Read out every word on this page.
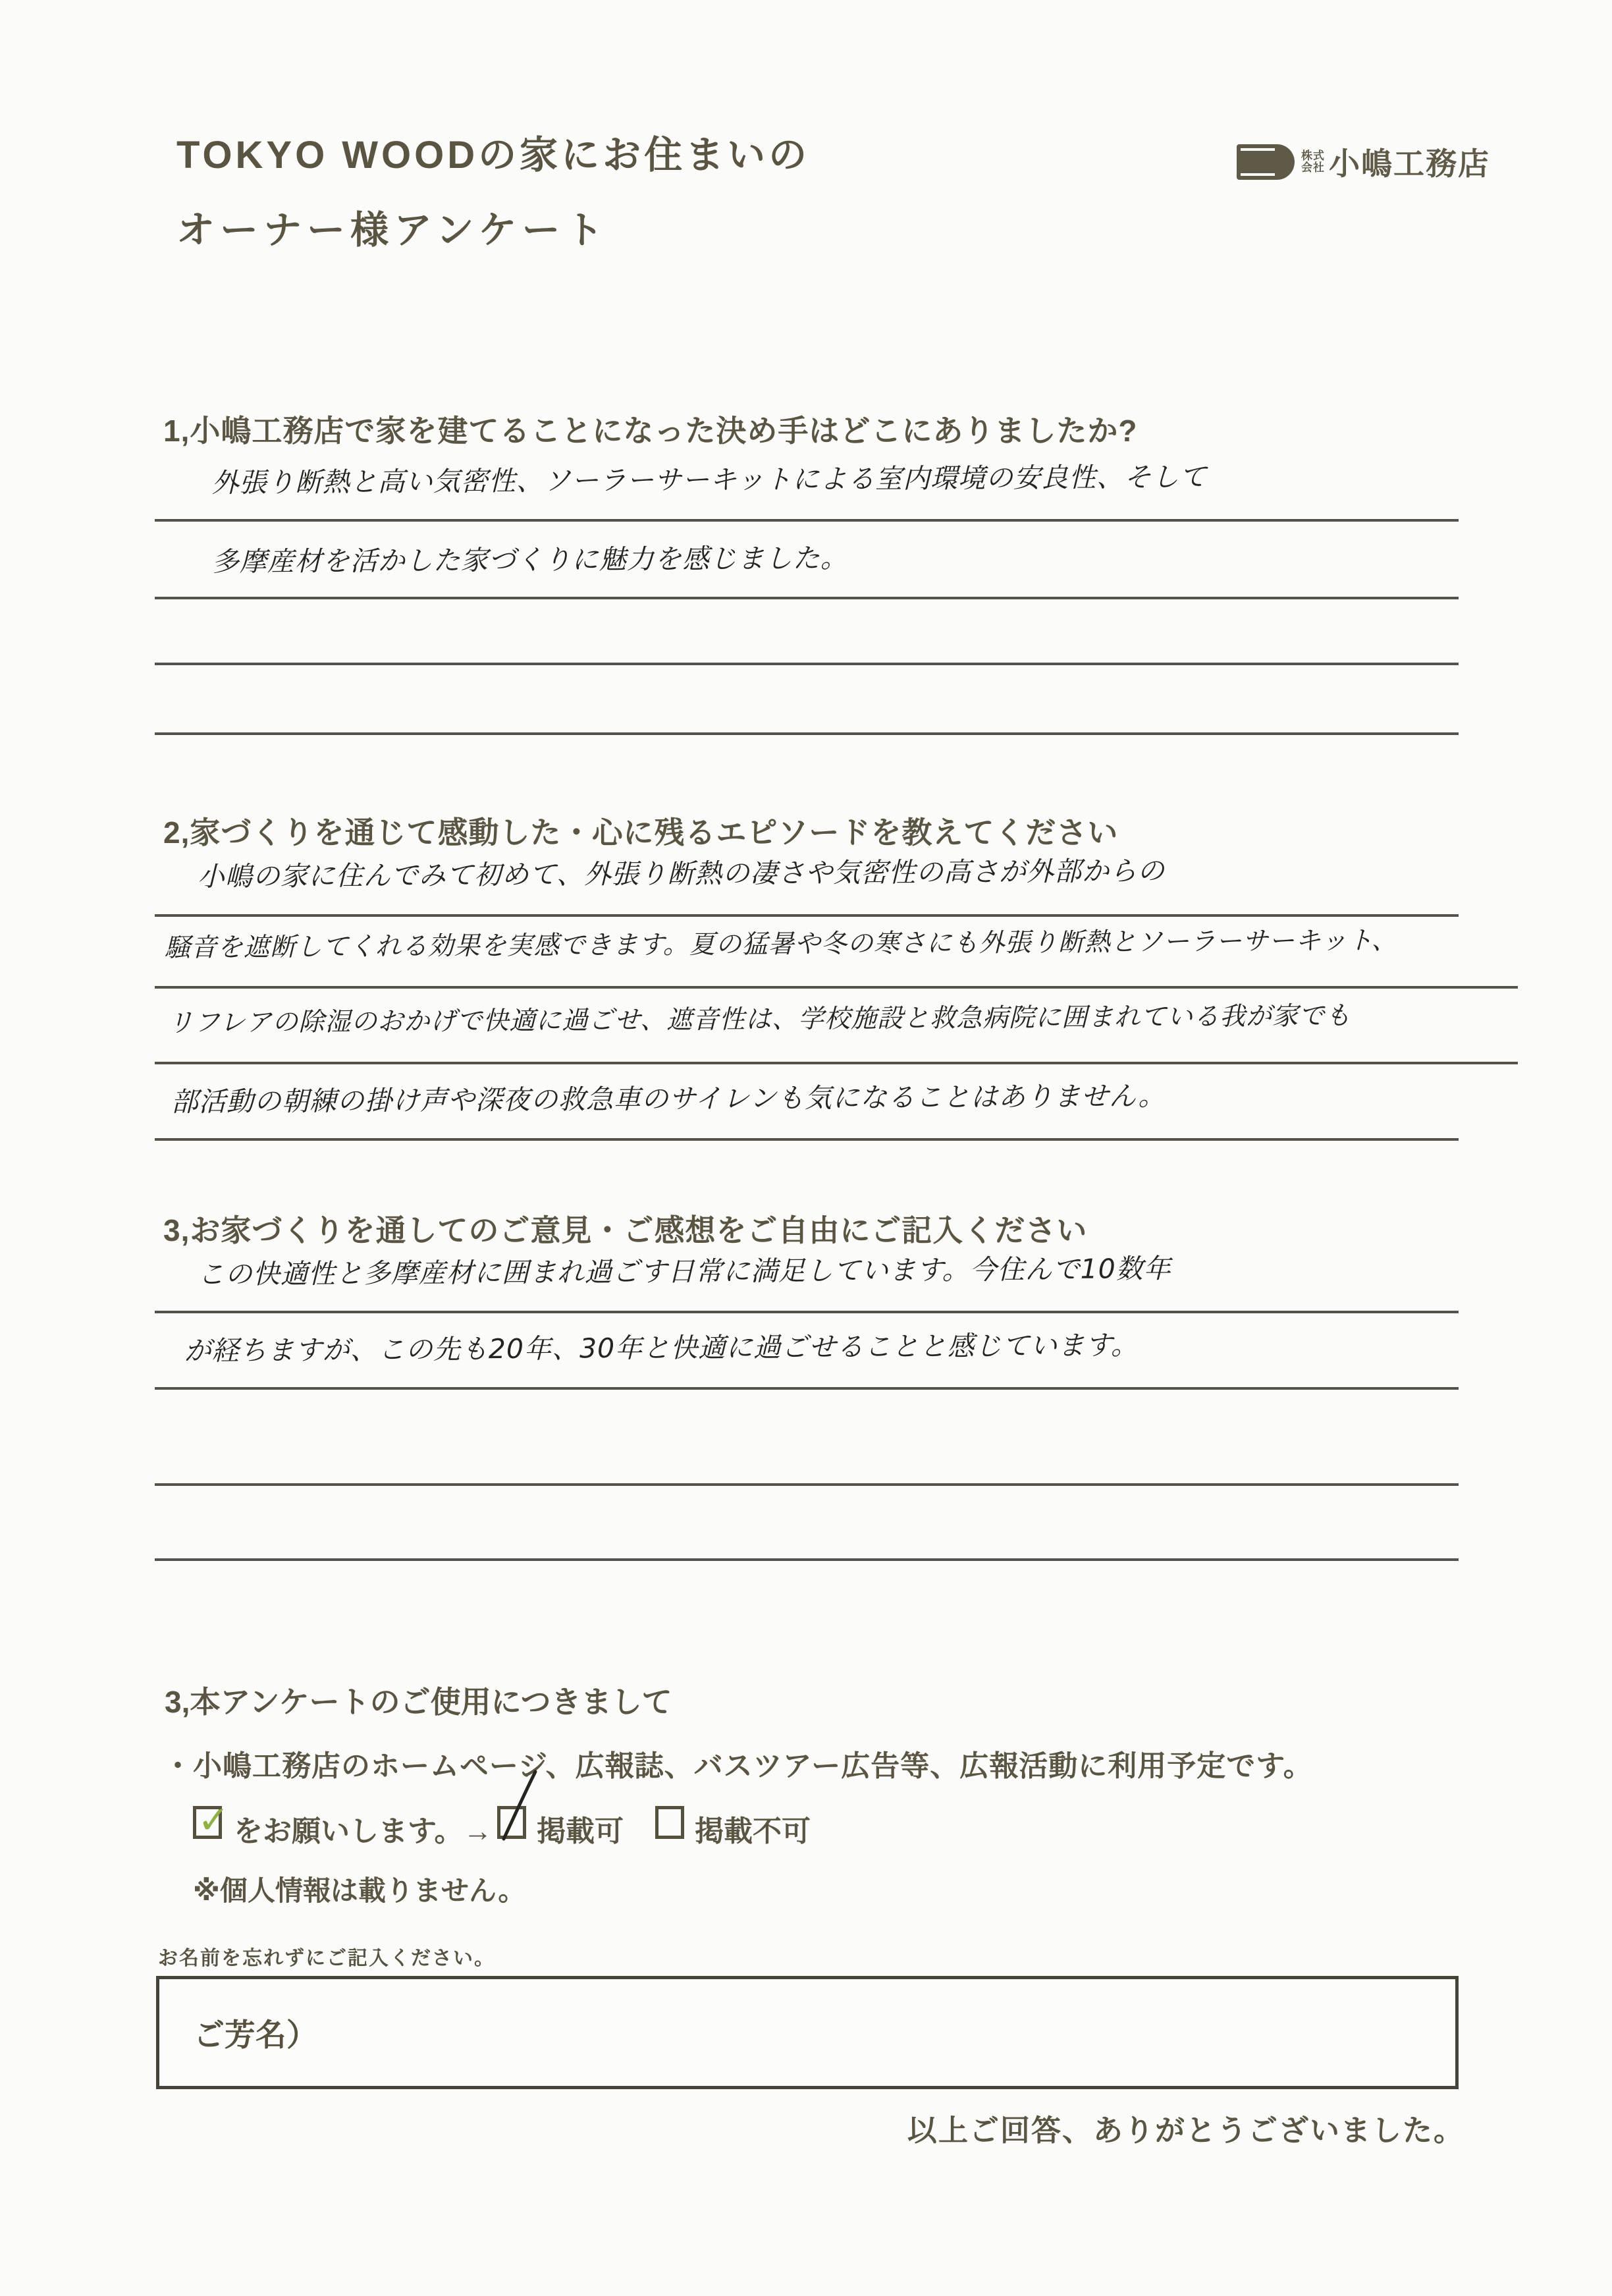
TOKYO WOODの家にお住まいの
オーナー様アンケート
株 式
会 社 小嶋工務店
1,小嶋工務店で家を建てることになった決め手はどこにありましたか?
外張り断熱と高い気密性、ソーラーサーキットによる室内環境の安良性、そして
多摩産材を活かした家づくりに魅力を感じました。
2,家づくりを通じて感動した・心に残るエピソードを教えてください
小嶋の家に住んでみて初めて、外張り断熱の凄さや気密性の高さが外部からの
騒音を遮断してくれる効果を実感できます。夏の猛暑や冬の寒さにも外張り断熱とソーラーサーキット、
リフレアの除湿のおかげで快適に過ごせ、遮音性は、学校施設と救急病院に囲まれている我が家でも
部活動の朝練の掛け声や深夜の救急車のサイレンも気になることはありません。
3,お家づくりを通してのご意見・ご感想をご自由にご記入ください
この快適性と多摩産材に囲まれ過ごす日常に満足しています。今住んで10数年
が経ちますが、この先も20年、30年と快適に過ごせることと感じています。
3,本アンケートのご使用につきまして
・小嶋工務店のホームページ、広報誌、バスツアー広告等、広報活動に利用予定です。
✓ をお願いします。→ 掲載可 掲載不可
※個人情報は載りません。
お名前を忘れずにご記入ください。
ご芳名）
以上ご回答、ありがとうございました。
